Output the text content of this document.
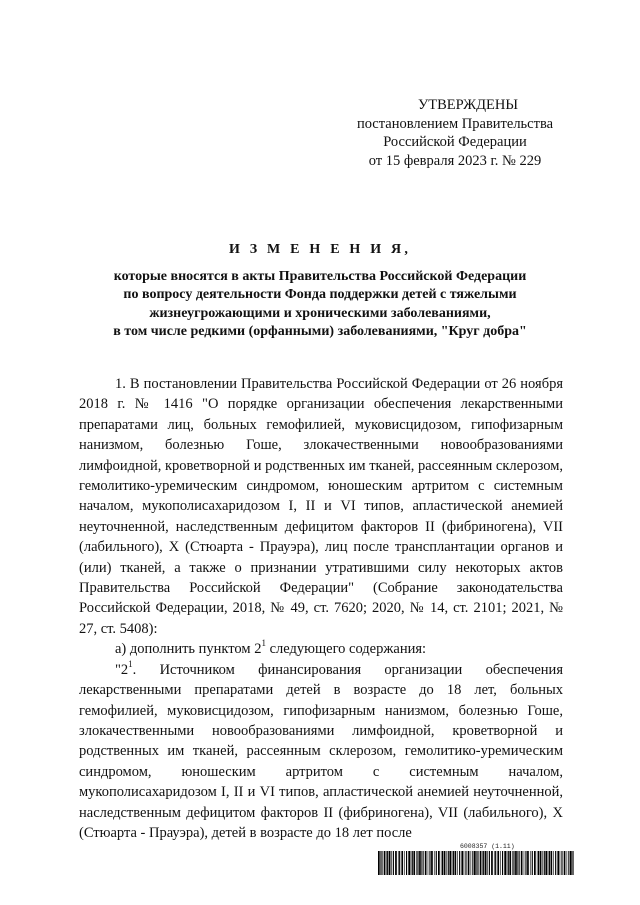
УТВЕРЖДЕНЫ
постановлением Правительства
Российской Федерации
от 15 февраля 2023 г. № 229
И З М Е Н Е Н И Я,
которые вносятся в акты Правительства Российской Федерации
по вопросу деятельности Фонда поддержки детей с тяжелыми
жизнеугрожающими и хроническими заболеваниями,
в том числе редкими (орфанными) заболеваниями, "Круг добра"

1. В постановлении Правительства Российской Федерации от 26 ноября 2018 г. № 1416 "О порядке организации обеспечения лекарственными препаратами лиц, больных гемофилией, муковисцидозом, гипофизарным нанизмом, болезнью Гоше, злокачественными новообразованиями лимфоидной, кроветворной и родственных им тканей, рассеянным склерозом, гемолитико-уремическим синдромом, юношеским артритом с системным началом, мукополисахаридозом I, II и VI типов, апластической анемией неуточненной, наследственным дефицитом факторов II (фибриногена), VII (лабильного), X (Стюарта - Прауэра), лиц после трансплантации органов и (или) тканей, а также о признании утратившими силу некоторых актов Правительства Российской Федерации" (Собрание законодательства Российской Федерации, 2018, № 49, ст. 7620; 2020, № 14, ст. 2101; 2021, № 27, ст. 5408):

а) дополнить пунктом $2^1$ следующего содержания:

"$2^1$. Источником финансирования организации обеспечения лекарственными препаратами детей в возрасте до 18 лет, больных гемофилией, муковисцидозом, гипофизарным нанизмом, болезнью Гоше, злокачественными новообразованиями лимфоидной, кроветворной и родственных им тканей, рассеянным склерозом, гемолитико-уремическим синдромом, юношеским артритом с системным началом, мукополисахаридозом I, II и VI типов, апластической анемией неуточненной, наследственным дефицитом факторов II (фибриногена), VII (лабильного), X (Стюарта - Прауэра), детей в возрасте до 18 лет после

6008357 (1.11)
